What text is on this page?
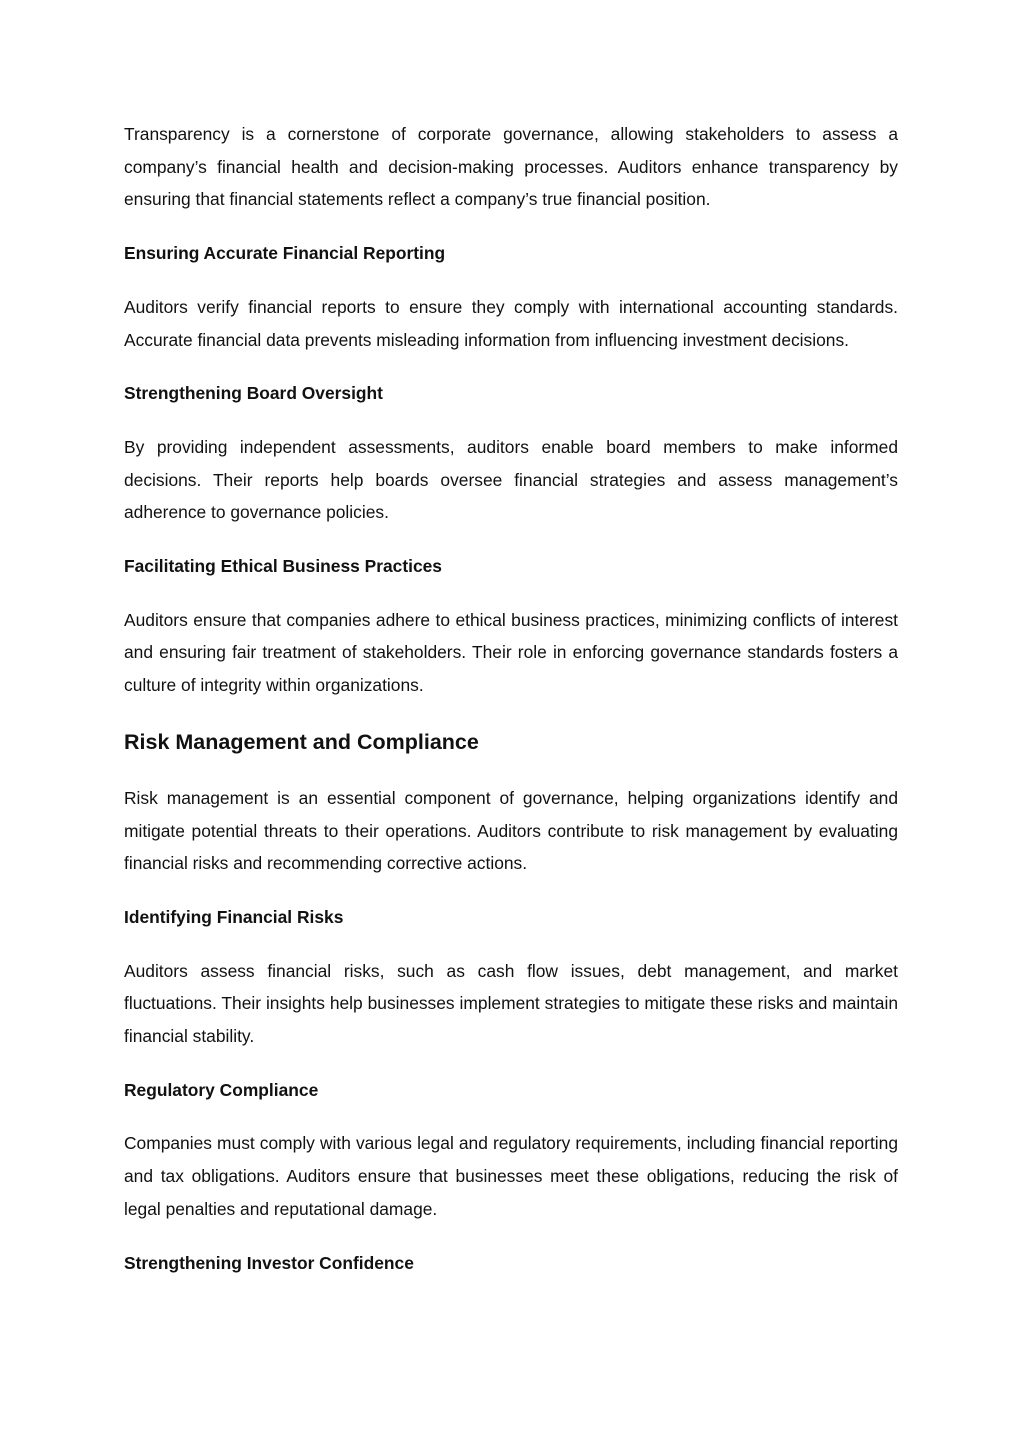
Transparency is a cornerstone of corporate governance, allowing stakeholders to assess a company’s financial health and decision-making processes. Auditors enhance transparency by ensuring that financial statements reflect a company’s true financial position.

Ensuring Accurate Financial Reporting

Auditors verify financial reports to ensure they comply with international accounting standards. Accurate financial data prevents misleading information from influencing investment decisions.

Strengthening Board Oversight

By providing independent assessments, auditors enable board members to make informed decisions. Their reports help boards oversee financial strategies and assess management’s adherence to governance policies.

Facilitating Ethical Business Practices

Auditors ensure that companies adhere to ethical business practices, minimizing conflicts of interest and ensuring fair treatment of stakeholders. Their role in enforcing governance standards fosters a culture of integrity within organizations.

Risk Management and Compliance

Risk management is an essential component of governance, helping organizations identify and mitigate potential threats to their operations. Auditors contribute to risk management by evaluating financial risks and recommending corrective actions.

Identifying Financial Risks

Auditors assess financial risks, such as cash flow issues, debt management, and market fluctuations. Their insights help businesses implement strategies to mitigate these risks and maintain financial stability.

Regulatory Compliance

Companies must comply with various legal and regulatory requirements, including financial reporting and tax obligations. Auditors ensure that businesses meet these obligations, reducing the risk of legal penalties and reputational damage.

Strengthening Investor Confidence
